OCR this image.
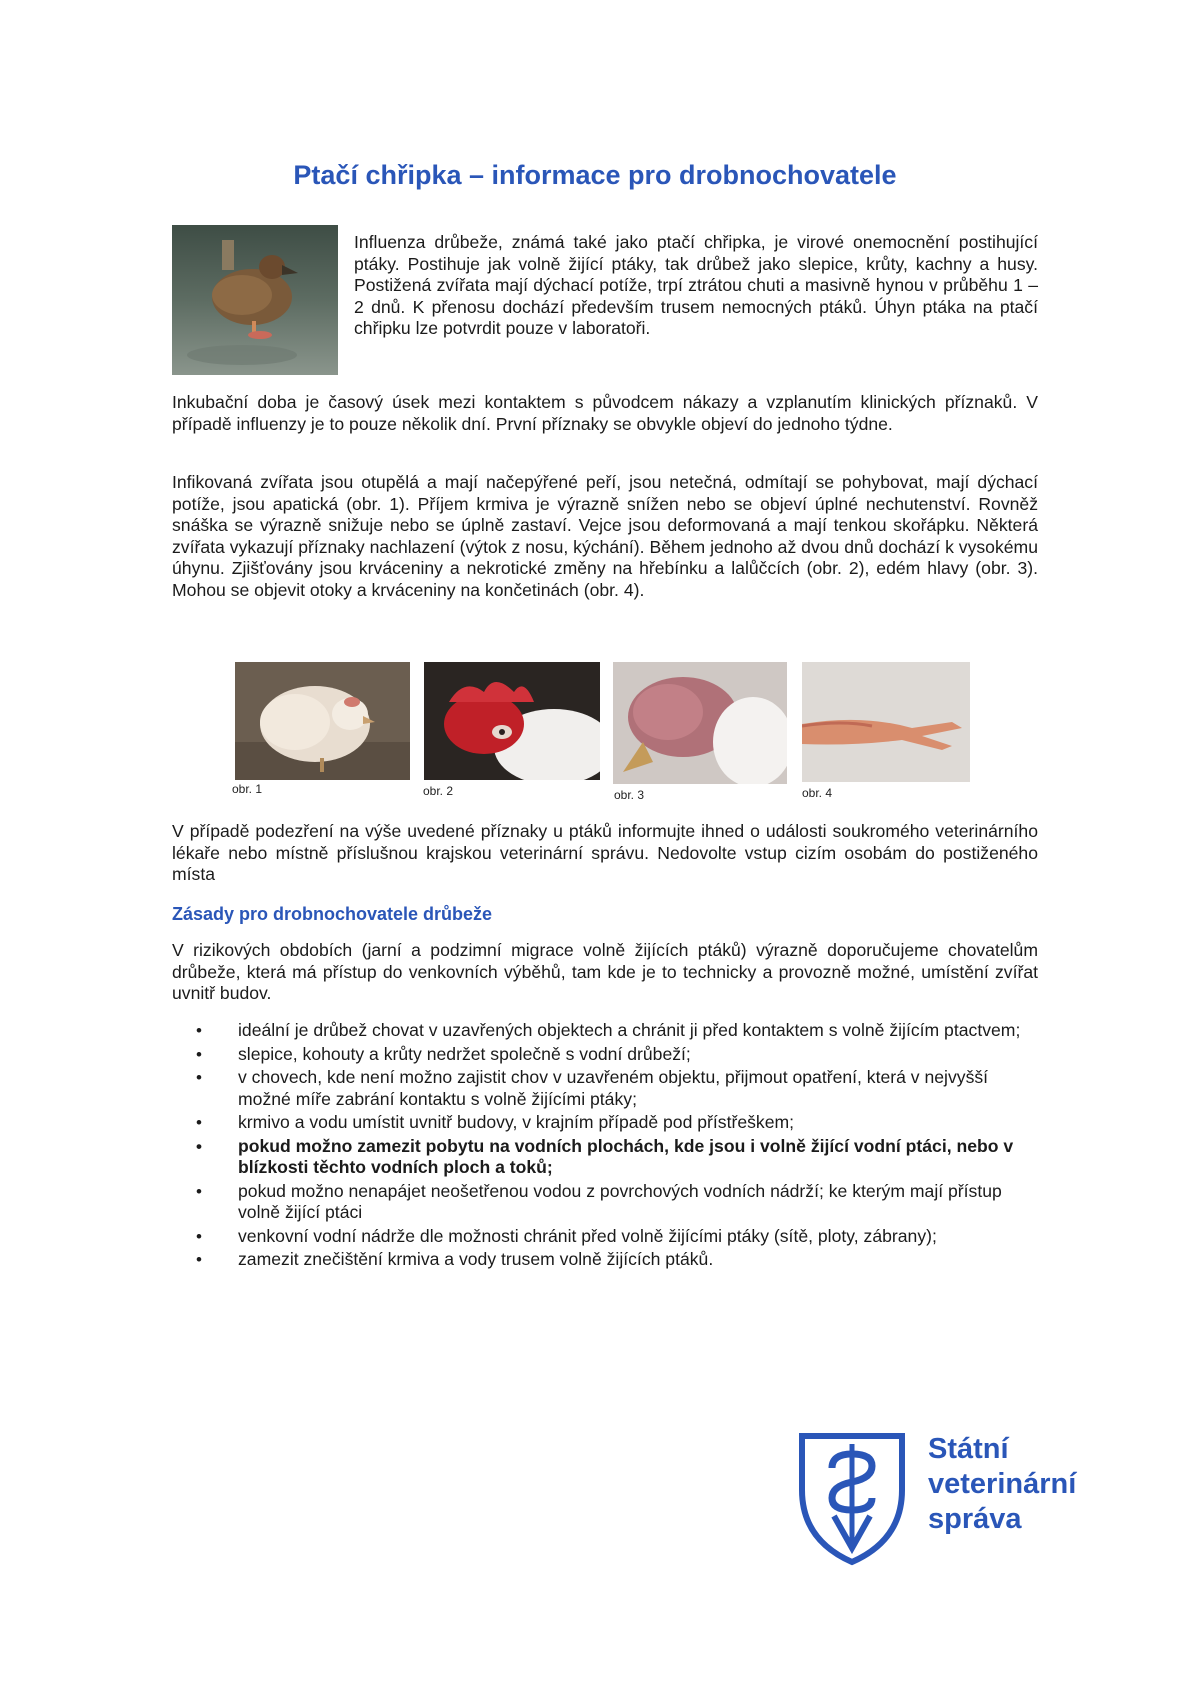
Ptačí chřipka – informace pro drobnochovatele

Influenza drůbeže, známá také jako ptačí chřipka, je virové onemocnění postihující ptáky. Postihuje jak volně žijící ptáky, tak drůbež jako slepice, krůty, kachny a husy. Postižená zvířata mají dýchací potíže, trpí ztrátou chuti a masivně hynou v průběhu 1 – 2 dnů. K přenosu dochází především trusem nemocných ptáků. Úhyn ptáka na ptačí chřipku lze potvrdit pouze v laboratoři.

Inkubační doba je časový úsek mezi kontaktem s původcem nákazy a vzplanutím klinických příznaků. V případě influenzy je to pouze několik dní. První příznaky se obvykle objeví do jednoho týdne.

Infikovaná zvířata jsou otupělá a mají načepýřené peří, jsou netečná, odmítají se pohybovat, mají dýchací potíže, jsou apatická (obr. 1). Příjem krmiva je výrazně snížen nebo se objeví úplné nechutenství. Rovněž snáška se výrazně snižuje nebo se úplně zastaví. Vejce jsou deformovaná a mají tenkou skořápku. Některá zvířata vykazují příznaky nachlazení (výtok z nosu, kýchání). Během jednoho až dvou dnů dochází k vysokému úhynu. Zjišťovány jsou krváceniny a nekrotické změny na hřebínku a lalůčcích (obr. 2), edém hlavy (obr. 3). Mohou se objevit otoky a krváceniny na končetinách (obr. 4).

obr. 1	obr. 2	obr. 3	obr. 4

V případě podezření na výše uvedené příznaky u ptáků informujte ihned o události soukromého veterinárního lékaře nebo místně příslušnou krajskou veterinární správu. Nedovolte vstup cizím osobám do postiženého místa

Zásady pro drobnochovatele drůbeže

V rizikových obdobích (jarní a podzimní migrace volně žijících ptáků) výrazně doporučujeme chovatelům drůbeže, která má přístup do venkovních výběhů, tam kde je to technicky a provozně možné, umístění zvířat uvnitř budov.

• ideální je drůbež chovat v uzavřených objektech a chránit ji před kontaktem s volně žijícím ptactvem;
• slepice, kohouty a krůty nedržet společně s vodní drůbeží;
• v chovech, kde není možno zajistit chov v uzavřeném objektu, přijmout opatření, která v nejvyšší možné míře zabrání kontaktu s volně žijícími ptáky;
• krmivo a vodu umístit uvnitř budovy, v krajním případě pod přístřeškem;
• pokud možno zamezit pobytu na vodních plochách, kde jsou i volně žijící vodní ptáci, nebo v blízkosti těchto vodních ploch a toků;
• pokud možno nenapájet neošetřenou vodou z povrchových vodních nádrží; ke kterým mají přístup volně žijící ptáci
• venkovní vodní nádrže dle možnosti chránit před volně žijícími ptáky (sítě, ploty, zábrany);
• zamezit znečištění krmiva a vody trusem volně žijících ptáků.
Státní
veterinární
správa
